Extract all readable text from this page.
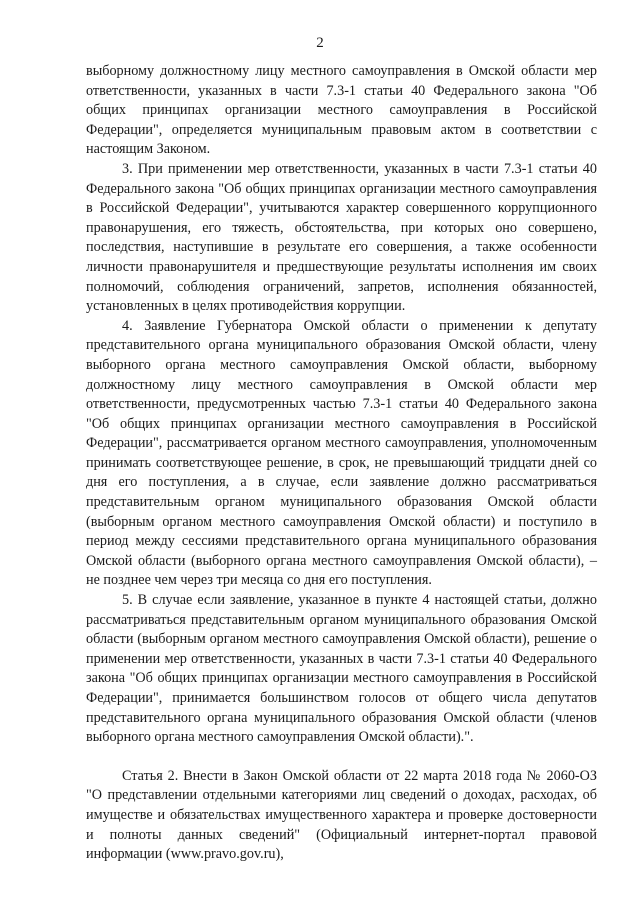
2

выборному должностному лицу местного самоуправления в Омской области мер ответственности, указанных в части 7.3-1 статьи 40 Федерального закона "Об общих принципах организации местного самоуправления в Российской Федерации", определяется муниципальным правовым актом в соответствии с настоящим Законом.

3. При применении мер ответственности, указанных в части 7.3-1 статьи 40 Федерального закона "Об общих принципах организации местного самоуправления в Российской Федерации", учитываются характер совершенного коррупционного правонарушения, его тяжесть, обстоятельства, при которых оно совершено, последствия, наступившие в результате его совершения, а также особенности личности правонарушителя и предшествующие результаты исполнения им своих полномочий, соблюдения ограничений, запретов, исполнения обязанностей, установленных в целях противодействия коррупции.

4. Заявление Губернатора Омской области о применении к депутату представительного органа муниципального образования Омской области, члену выборного органа местного самоуправления Омской области, выборному должностному лицу местного самоуправления в Омской области мер ответственности, предусмотренных частью 7.3-1 статьи 40 Федерального закона "Об общих принципах организации местного самоуправления в Российской Федерации", рассматривается органом местного самоуправления, уполномоченным принимать соответствующее решение, в срок, не превышающий тридцати дней со дня его поступления, а в случае, если заявление должно рассматриваться представительным органом муниципального образования Омской области (выборным органом местного самоуправления Омской области) и поступило в период между сессиями представительного органа муниципального образования Омской области (выборного органа местного самоуправления Омской области), – не позднее чем через три месяца со дня его поступления.

5. В случае если заявление, указанное в пункте 4 настоящей статьи, должно рассматриваться представительным органом муниципального образования Омской области (выборным органом местного самоуправления Омской области), решение о применении мер ответственности, указанных в части 7.3-1 статьи 40 Федерального закона "Об общих принципах организации местного самоуправления в Российской Федерации", принимается большинством голосов от общего числа депутатов представительного органа муниципального образования Омской области (членов выборного органа местного самоуправления Омской области).".

Статья 2. Внести в Закон Омской области от 22 марта 2018 года № 2060-ОЗ "О представлении отдельными категориями лиц сведений о доходах, расходах, об имуществе и обязательствах имущественного характера и проверке достоверности и полноты данных сведений" (Официальный интернет-портал правовой информации (www.pravo.gov.ru),
